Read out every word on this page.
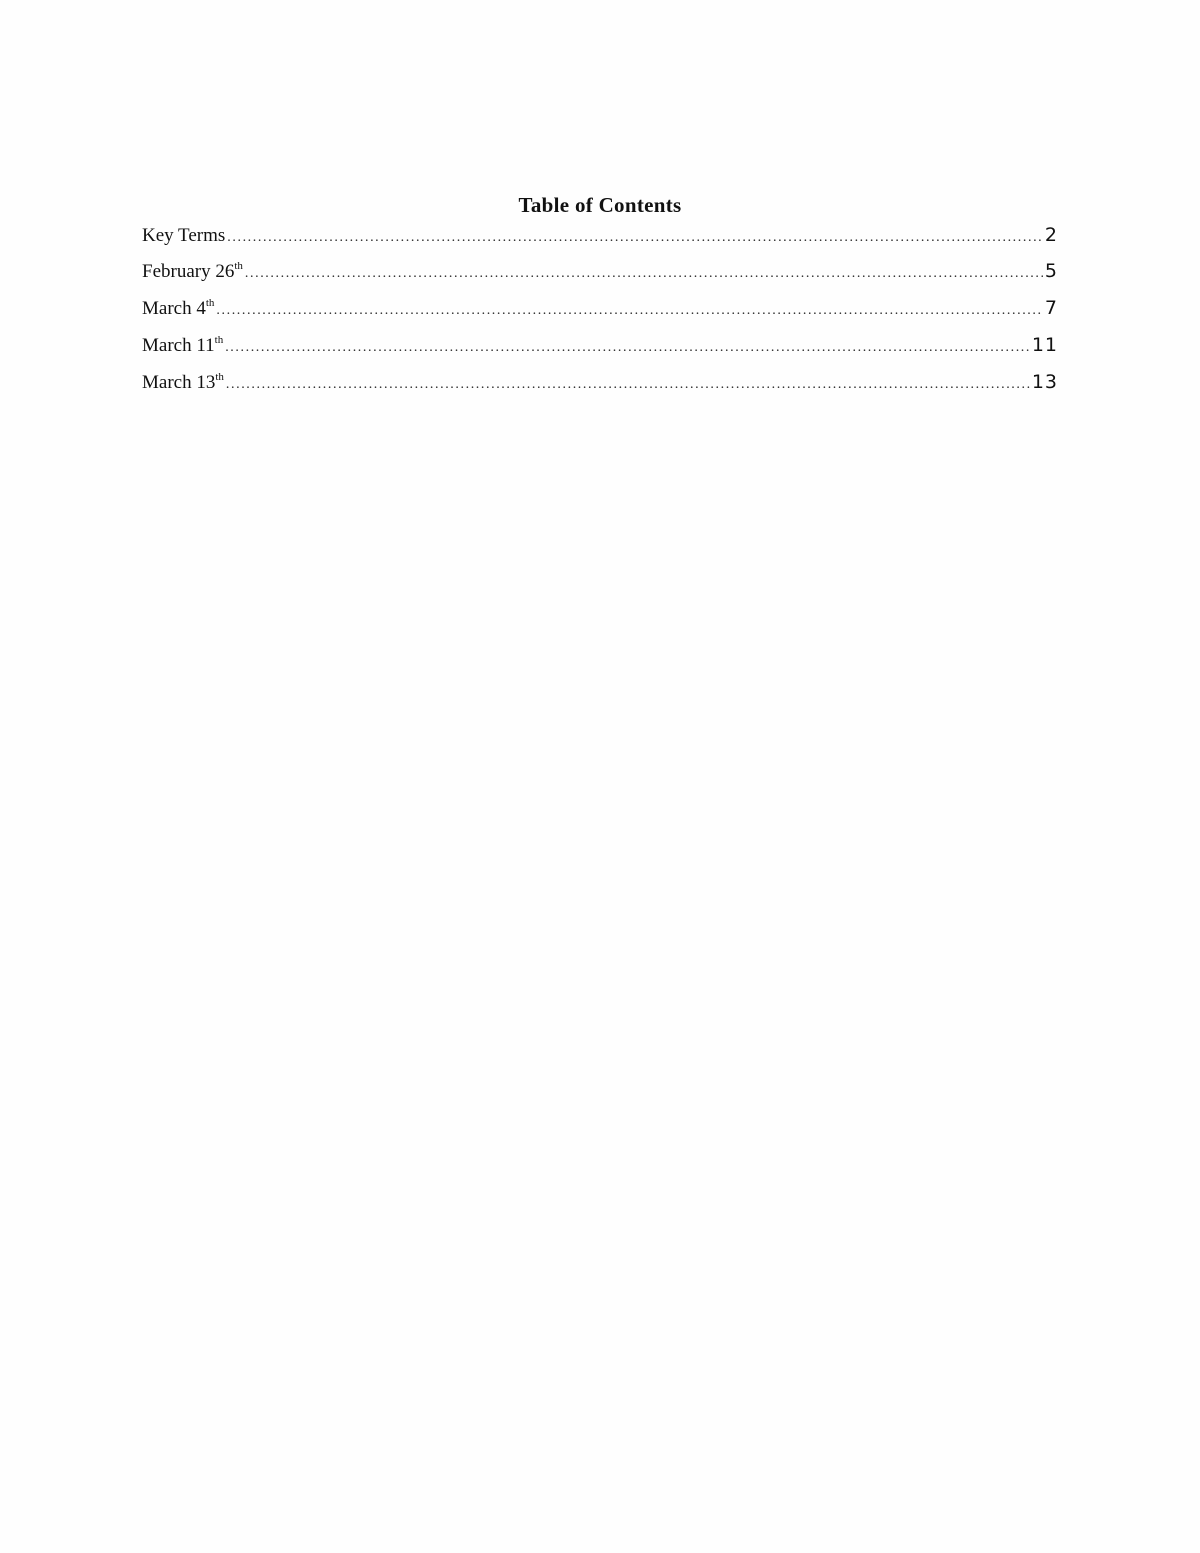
Table of Contents
Key Terms .....	2
February 26th .....	5
March 4th .....	7
March 11th .....	11
March 13th .....	13
